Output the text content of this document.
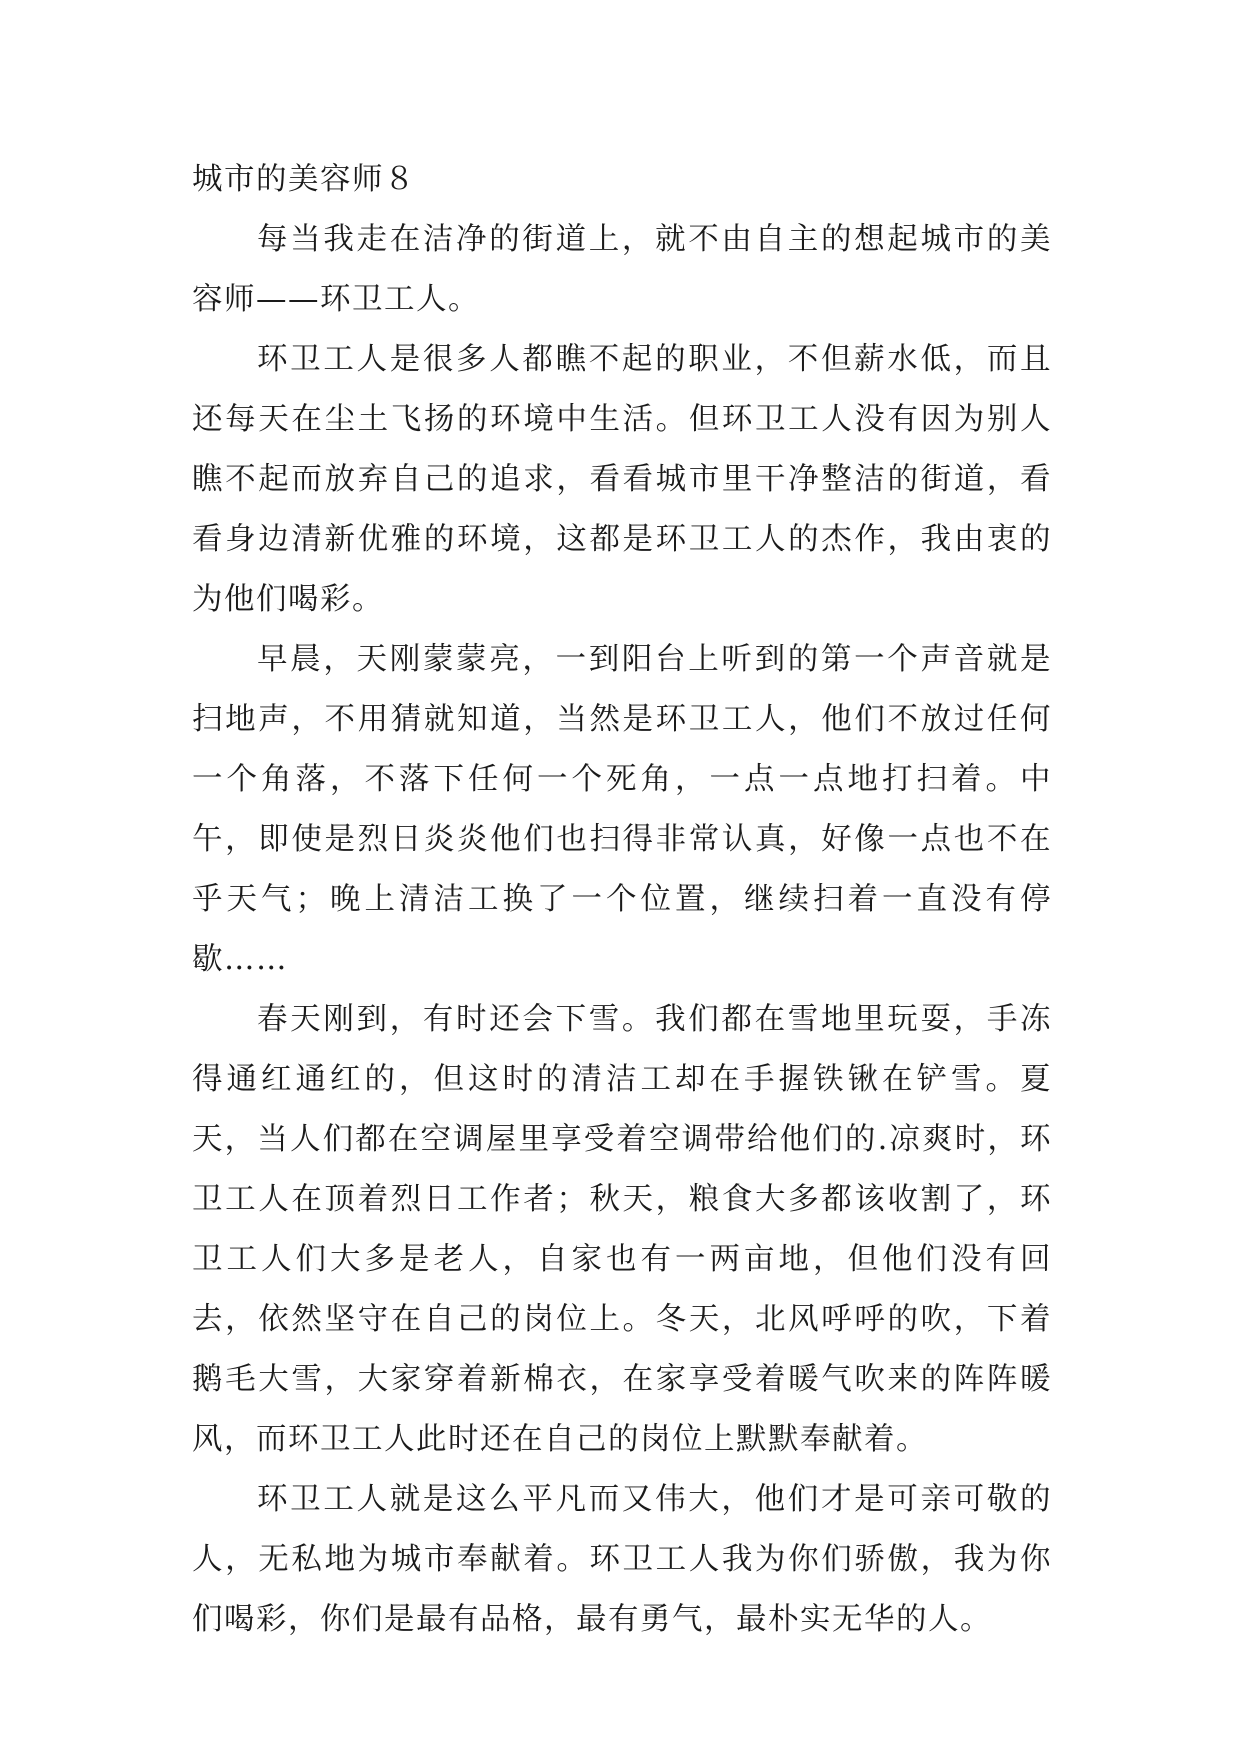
城市的美容师８

每当我走在洁净的街道上，就不由自主的想起城市的美容师——环卫工人。

环卫工人是很多人都瞧不起的职业，不但薪水低，而且还每天在尘土飞扬的环境中生活。但环卫工人没有因为别人瞧不起而放弃自己的追求，看看城市里干净整洁的街道，看看身边清新优雅的环境，这都是环卫工人的杰作，我由衷的为他们喝彩。

早晨，天刚蒙蒙亮，一到阳台上听到的第一个声音就是扫地声，不用猜就知道，当然是环卫工人，他们不放过任何一个角落，不落下任何一个死角，一点一点地打扫着。中午，即使是烈日炎炎他们也扫得非常认真，好像一点也不在乎天气；晚上清洁工换了一个位置，继续扫着一直没有停歇……

春天刚到，有时还会下雪。我们都在雪地里玩耍，手冻得通红通红的，但这时的清洁工却在手握铁锹在铲雪。夏天，当人们都在空调屋里享受着空调带给他们的.凉爽时，环卫工人在顶着烈日工作者；秋天，粮食大多都该收割了，环卫工人们大多是老人，自家也有一两亩地，但他们没有回去，依然坚守在自己的岗位上。冬天，北风呼呼的吹，下着鹅毛大雪，大家穿着新棉衣，在家享受着暖气吹来的阵阵暖风，而环卫工人此时还在自己的岗位上默默奉献着。

环卫工人就是这么平凡而又伟大，他们才是可亲可敬的人，无私地为城市奉献着。环卫工人我为你们骄傲，我为你们喝彩，你们是最有品格，最有勇气，最朴实无华的人。
